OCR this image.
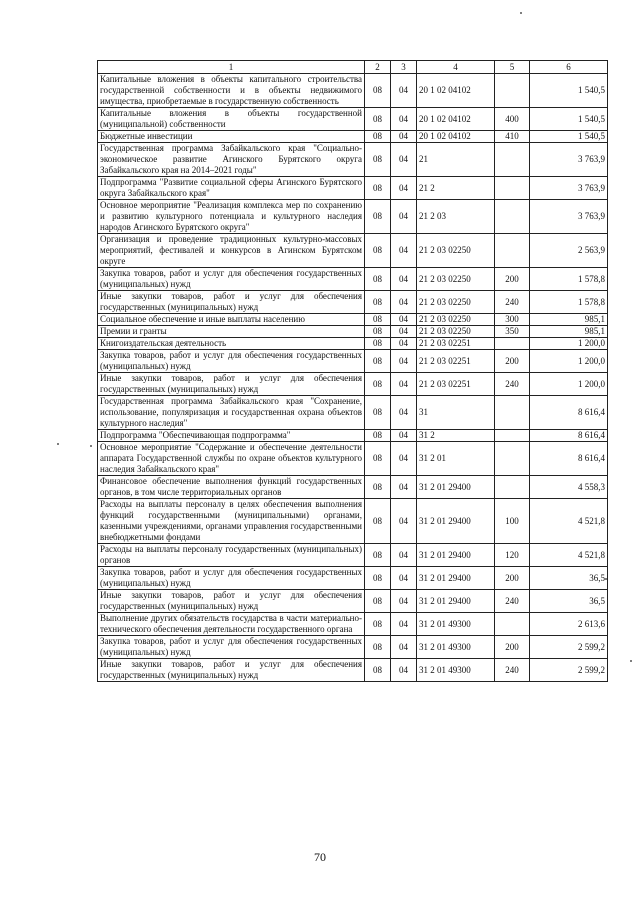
1	2	3	4	5	6
Капитальные вложения в объекты капитального строительства государственной собственности и в объекты недвижимого имущества, приобретаемые в государственную собственность	08	04	20 1 02 04102		1 540,5
Капитальные вложения в объекты государственной (муниципальной) собственности	08	04	20 1 02 04102	400	1 540,5
Бюджетные инвестиции	08	04	20 1 02 04102	410	1 540,5
Государственная программа Забайкальского края "Социально-экономическое развитие Агинского Бурятского округа Забайкальского края на 2014–2021 годы"	08	04	21		3 763,9
Подпрограмма "Развитие социальной сферы Агинского Бурятского округа Забайкальского края"	08	04	21 2		3 763,9
Основное мероприятие "Реализация комплекса мер по сохранению и развитию культурного потенциала и культурного наследия народов Агинского Бурятского округа"	08	04	21 2 03		3 763,9
Организация и проведение традиционных культурно-массовых мероприятий, фестивалей и конкурсов в Агинском Бурятском округе	08	04	21 2 03 02250		2 563,9
Закупка товаров, работ и услуг для обеспечения государственных (муниципальных) нужд	08	04	21 2 03 02250	200	1 578,8
Иные закупки товаров, работ и услуг для обеспечения государственных (муниципальных) нужд	08	04	21 2 03 02250	240	1 578,8
Социальное обеспечение и иные выплаты населению	08	04	21 2 03 02250	300	985,1
Премии и гранты	08	04	21 2 03 02250	350	985,1
Книгоиздательская деятельность	08	04	21 2 03 02251		1 200,0
Закупка товаров, работ и услуг для обеспечения государственных (муниципальных) нужд	08	04	21 2 03 02251	200	1 200,0
Иные закупки товаров, работ и услуг для обеспечения государственных (муниципальных) нужд	08	04	21 2 03 02251	240	1 200,0
Государственная программа Забайкальского края "Сохранение, использование, популяризация и государственная охрана объектов культурного наследия"	08	04	31		8 616,4
Подпрограмма "Обеспечивающая подпрограмма"	08	04	31 2		8 616,4
Основное мероприятие "Содержание и обеспечение деятельности аппарата Государственной службы по охране объектов культурного наследия Забайкальского края"	08	04	31 2 01		8 616,4
Финансовое обеспечение выполнения функций государственных органов, в том числе территориальных органов	08	04	31 2 01 29400		4 558,3
Расходы на выплаты персоналу в целях обеспечения выполнения функций государственными (муниципальными) органами, казенными учреждениями, органами управления государственными внебюджетными фондами	08	04	31 2 01 29400	100	4 521,8
Расходы на выплаты персоналу государственных (муниципальных) органов	08	04	31 2 01 29400	120	4 521,8
Закупка товаров, работ и услуг для обеспечения государственных (муниципальных) нужд	08	04	31 2 01 29400	200	36,5
Иные закупки товаров, работ и услуг для обеспечения государственных (муниципальных) нужд	08	04	31 2 01 29400	240	36,5
Выполнение других обязательств государства в части материально-технического обеспечения деятельности государственного органа	08	04	31 2 01 49300		2 613,6
Закупка товаров, работ и услуг для обеспечения государственных (муниципальных) нужд	08	04	31 2 01 49300	200	2 599,2
Иные закупки товаров, работ и услуг для обеспечения государственных (муниципальных) нужд	08	04	31 2 01 49300	240	2 599,2
70
